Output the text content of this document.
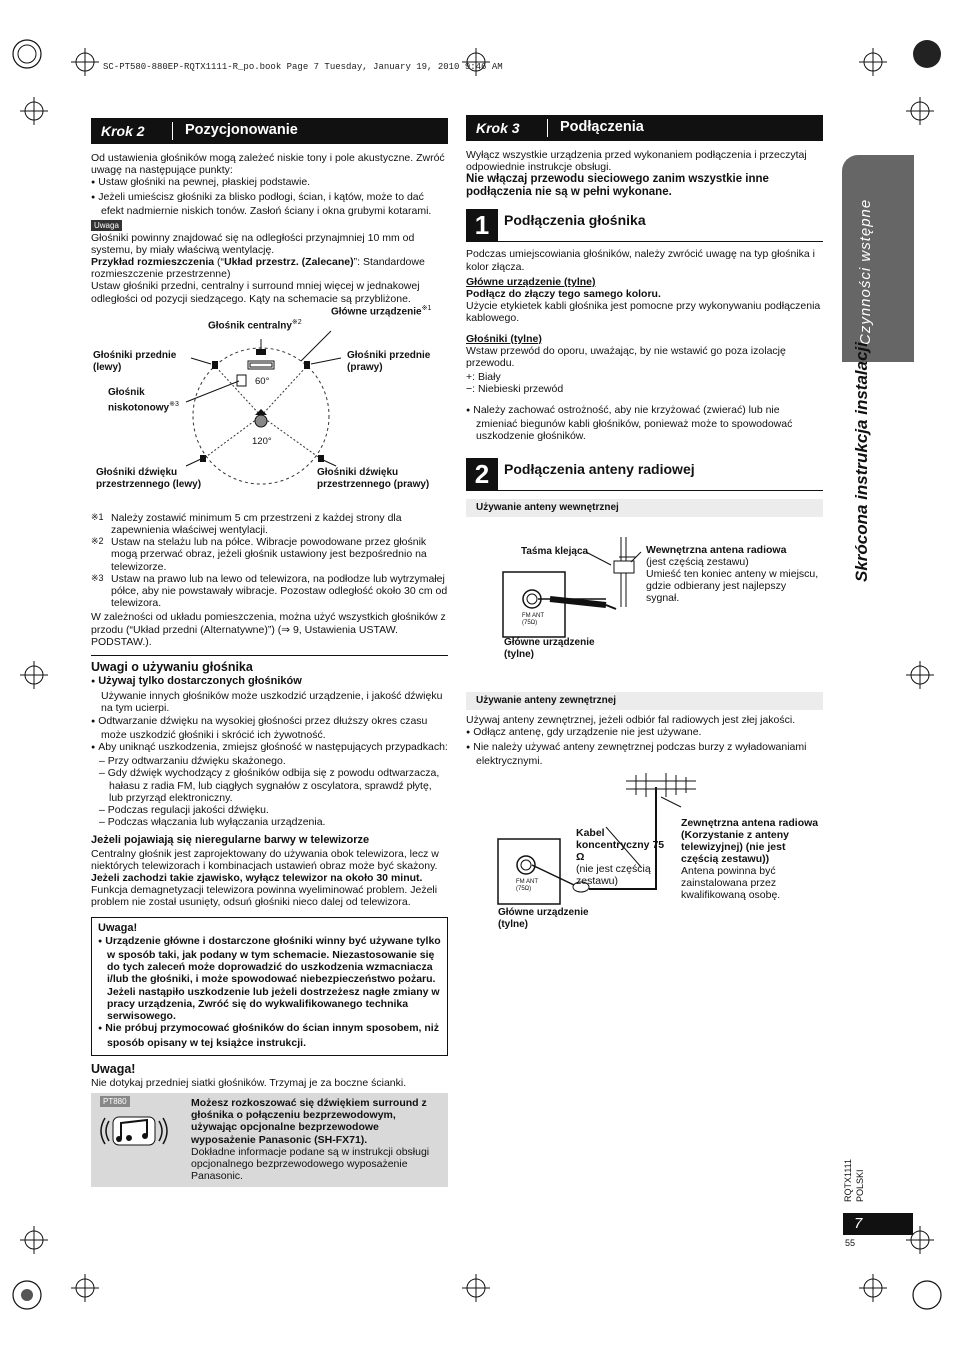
SC-PT580-880EP-RQTX1111-R_po.book Page 7 Tuesday, January 19, 2010 9:46 AM
Krok 2	Pozycjonowanie

Od ustawienia głośników mogą zależeć niskie tony i pole akustyczne. Zwróć uwagę na następujące punkty:

● Ustaw głośniki na pewnej, płaskiej podstawie.
● Jeżeli umieścisz głośniki za blisko podłogi, ścian, i kątów, może to dać efekt nadmiernie niskich tonów. Zasłoń ściany i okna grubymi kotarami.
Uwaga

Głośniki powinny znajdować się na odległości przynajmniej 10 mm od systemu, by miały właściwą wentylację.

Przykład rozmieszczenia (“Układ przestrz. (Zalecane)”: Standardowe rozmieszczenie przestrzenne)

Ustaw głośniki przedni, centralny i surround mniej więcej w jednakowej odległości od pozycji siedzącego. Kąty na schemacie są przybliżone.

Głośnik centralny$^{※2}$
Główne urządzenie$^{※1}$
Głośniki przednie (lewy)
Głośniki przednie (prawy)
Głośnik niskotonowy$^{※3}$
60°
120°
Głośniki dźwięku przestrzennego (lewy)
Głośniki dźwięku przestrzennego (prawy)
※1 Należy zostawić minimum 5 cm przestrzeni z każdej strony dla zapewnienia właściwej wentylacji.

※2 Ustaw na stelażu lub na półce. Wibracje powodowane przez głośnik mogą przerwać obraz, jeżeli głośnik ustawiony jest bezpośrednio na telewizorze.

※3 Ustaw na prawo lub na lewo od telewizora, na podłodze lub wytrzymałej półce, aby nie powstawały wibracje. Pozostaw odległość około 30 cm od telewizora.

W zależności od układu pomieszczenia, można użyć wszystkich głośników z przodu (“Układ przedni (Alternatywne)”) (⇒ 9, Ustawienia USTAW. PODSTAW.).

Uwagi o używaniu głośnika
● Używaj tylko dostarczonych głośników

Używanie innych głośników może uszkodzić urządzenie, i jakość dźwięku na tym ucierpi.

● Odtwarzanie dźwięku na wysokiej głośności przez dłuższy okres czasu może uszkodzić głośniki i skrócić ich żywotność.

● Aby uniknąć uszkodzenia, zmiejsz głośność w następujących przypadkach:

– Przy odtwarzaniu dźwięku skażonego.
– Gdy dźwięk wychodzący z głośników odbija się z powodu odtwarzacza, hałasu z radia FM, lub ciągłych sygnałów z oscylatora, sprawdź płytę, lub przyrząd elektroniczny.
– Podczas regulacji jakości dźwięku.
– Podczas włączania lub wyłączania urządzenia.
Jeżeli pojawiają się nieregularne barwy w telewizorze

Centralny głośnik jest zaprojektowany do używania obok telewizora, lecz w niektórych telewizorach i kombinacjach ustawień obraz może być skażony.

Jeżeli zachodzi takie zjawisko, wyłącz telewizor na około 30 minut.

Funkcja demagnetyzacji telewizora powinna wyeliminować problem. Jeżeli problem nie został usunięty, odsuń głośniki nieco dalej od telewizora.

Uwaga!

● Urządzenie główne i dostarczone głośniki winny być używane tylko w sposób taki, jak podany w tym schemacie. Niezastosowanie się do tych zaleceń może doprowadzić do uszkodzenia wzmacniacza i/lub the głośniki, i może spowodować niebezpieczeństwo pożaru. Jeżeli nastąpiło uszkodzenie lub jeżeli dostrzeżesz nagłe zmiany w pracy urządzenia, Zwróć się do wykwalifikowanego technika serwisowego.

● Nie próbuj przymocować głośników do ścian innym sposobem, niż sposób opisany w tej książce instrukcji.

Uwaga!

Nie dotykaj przedniej siatki głośników. Trzymaj je za boczne ścianki.

PT880	Możesz rozkoszować się dźwiękiem surround z głośnika o połączeniu bezprzewodowym, używając opcjonalne bezprzewodowe wyposażenie Panasonic (SH-FX71).

Dokładne informacje podane są w instrukcji obsługi opcjonalnego bezprzewodowego wyposażenie Panasonic.

Krok 3	Podłączenia

Wyłącz wszystkie urządzenia przed wykonaniem podłączenia i przeczytaj odpowiednie instrukcje obsługi.

Nie włączaj przewodu sieciowego zanim wszystkie inne podłączenia nie są w pełni wykonane.

1	Podłączenia głośnika

Podczas umiejscowiania głośników, należy zwrócić uwagę na typ głośnika i kolor złącza.

Główne urządzenie (tylne)

Podłącz do złączy tego samego koloru.

Użycie etykietek kabli głośnika jest pomocne przy wykonywaniu podłączenia kablowego.

Głośniki (tylne)

Wstaw przewód do oporu, uważając, by nie wstawić go poza izolację przewodu.

+: Biały

−: Niebieski przewód

● Należy zachować ostrożność, aby nie krzyżować (zwierać) lub nie zmieniać biegunów kabli głośników, ponieważ może to spowodować uszkodzenie głośników.

2	Podłączenia anteny radiowej
Używanie anteny wewnętrznej
Taśma klejąca	Wewnętrzna antena radiowa
(jest częścią zestawu)
Umieść ten koniec anteny w miejscu, gdzie odbierany jest najlepszy sygnał.
FM ANT
(75Ω)
Główne urządzenie (tylne)
Używanie anteny zewnętrznej

Używaj anteny zewnętrznej, jeżeli odbiór fal radiowych jest złej jakości.

● Odłącz antenę, gdy urządzenie nie jest używane.

● Nie należy używać anteny zewnętrznej podczas burzy z wyładowaniami elektrycznymi.

Kabel koncentryczny 75 Ω
(nie jest częścią zestawu)
Zewnętrzna antena radiowa (Korzystanie z anteny telewizyjnej) (nie jest częścią zestawu))
Antena powinna być zainstalowana przez kwalifikowaną osobę.
FM ANT
(75Ω)
Główne urządzenie (tylne)
Czynności wstępne
Skrócona instrukcja instalacji
RQTX1111 POLSKI
7
55
